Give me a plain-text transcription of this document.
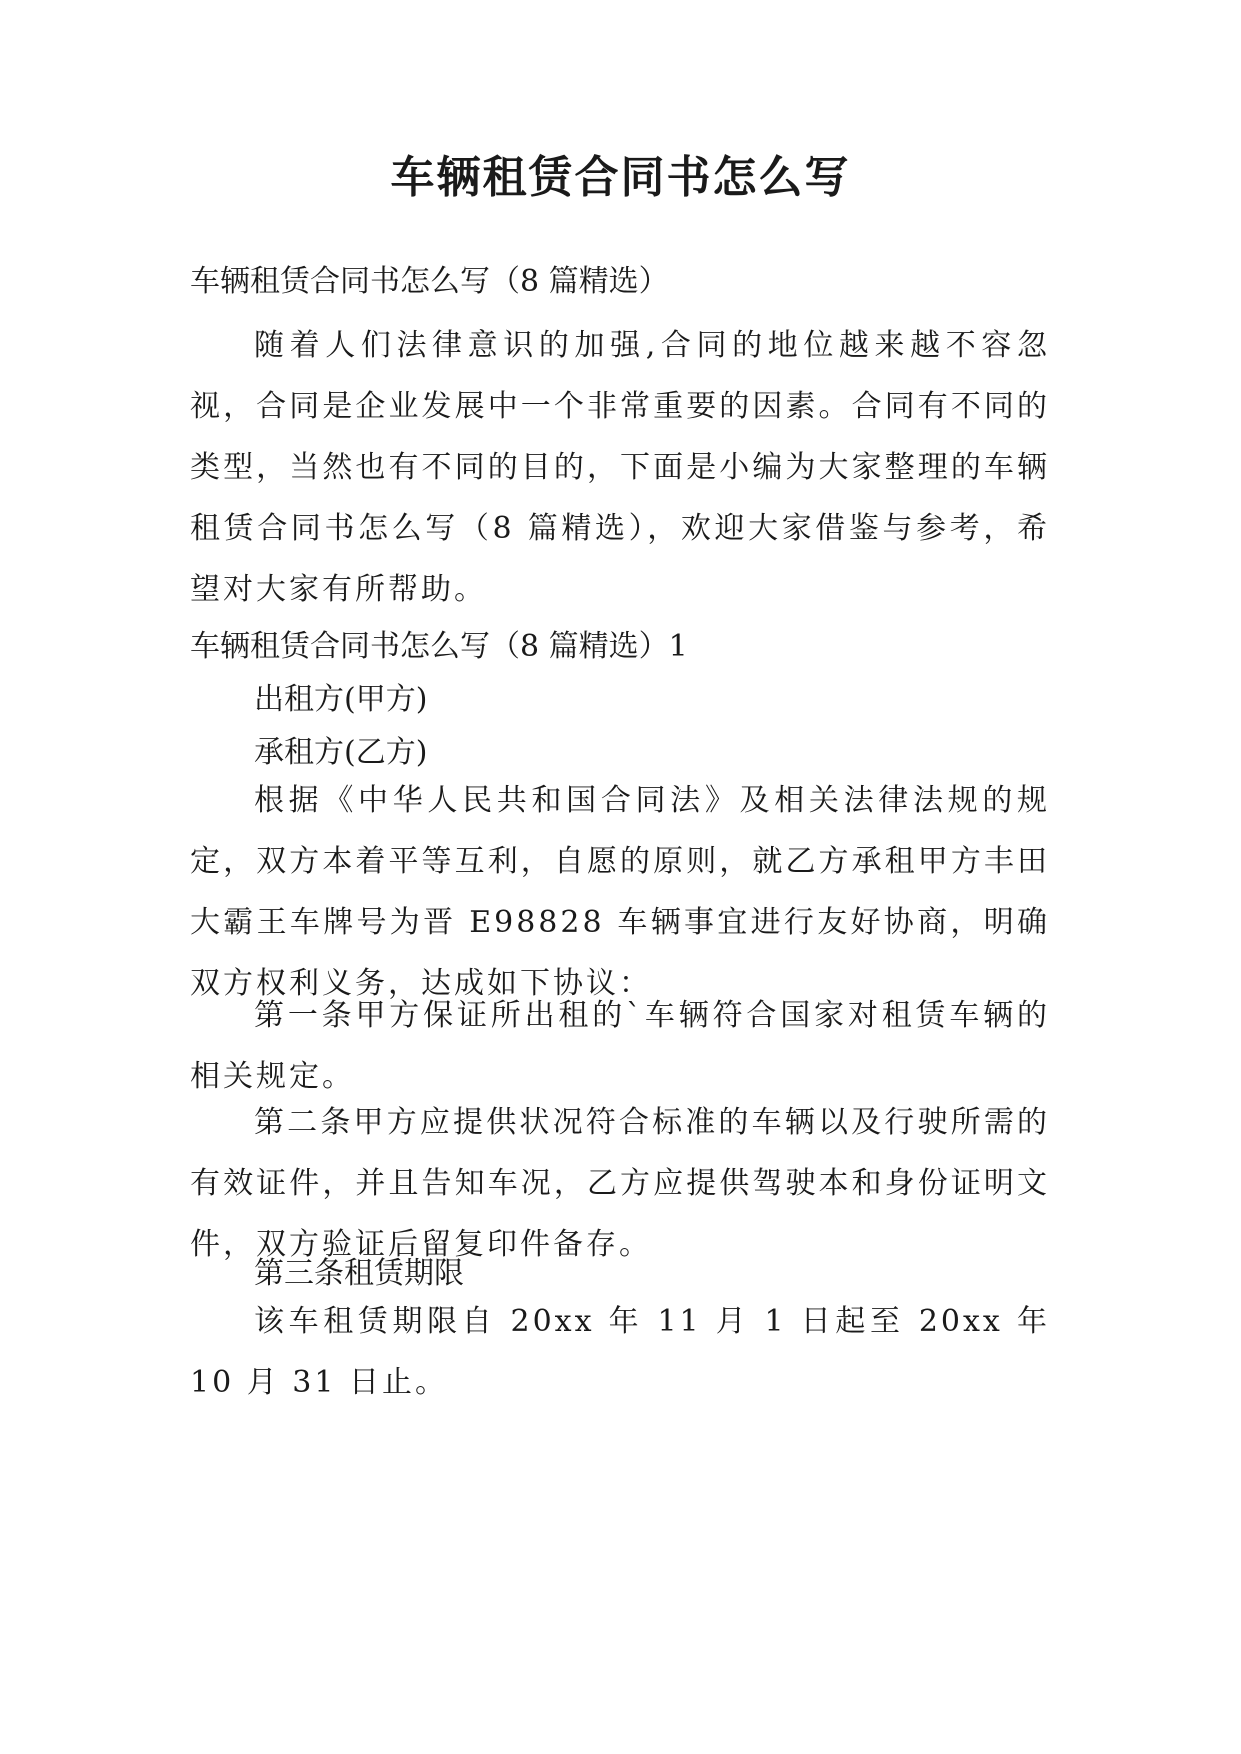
车辆租赁合同书怎么写

车辆租赁合同书怎么写（8 篇精选）

随着人们法律意识的加强,合同的地位越来越不容忽视，合同是企业发展中一个非常重要的因素。合同有不同的类型，当然也有不同的目的，下面是小编为大家整理的车辆租赁合同书怎么写（8 篇精选），欢迎大家借鉴与参考，希望对大家有所帮助。

车辆租赁合同书怎么写（8 篇精选）1

出租方(甲方)

承租方(乙方)

根据《中华人民共和国合同法》及相关法律法规的规定，双方本着平等互利，自愿的原则，就乙方承租甲方丰田大霸王车牌号为晋 E98828 车辆事宜进行友好协商，明确双方权利义务，达成如下协议：

第一条甲方保证所出租的`车辆符合国家对租赁车辆的相关规定。

第二条甲方应提供状况符合标准的车辆以及行驶所需的有效证件，并且告知车况，乙方应提供驾驶本和身份证明文件，双方验证后留复印件备存。

第三条租赁期限

该车租赁期限自 20xx 年 11 月 1 日起至 20xx 年 10 月 31 日止。
